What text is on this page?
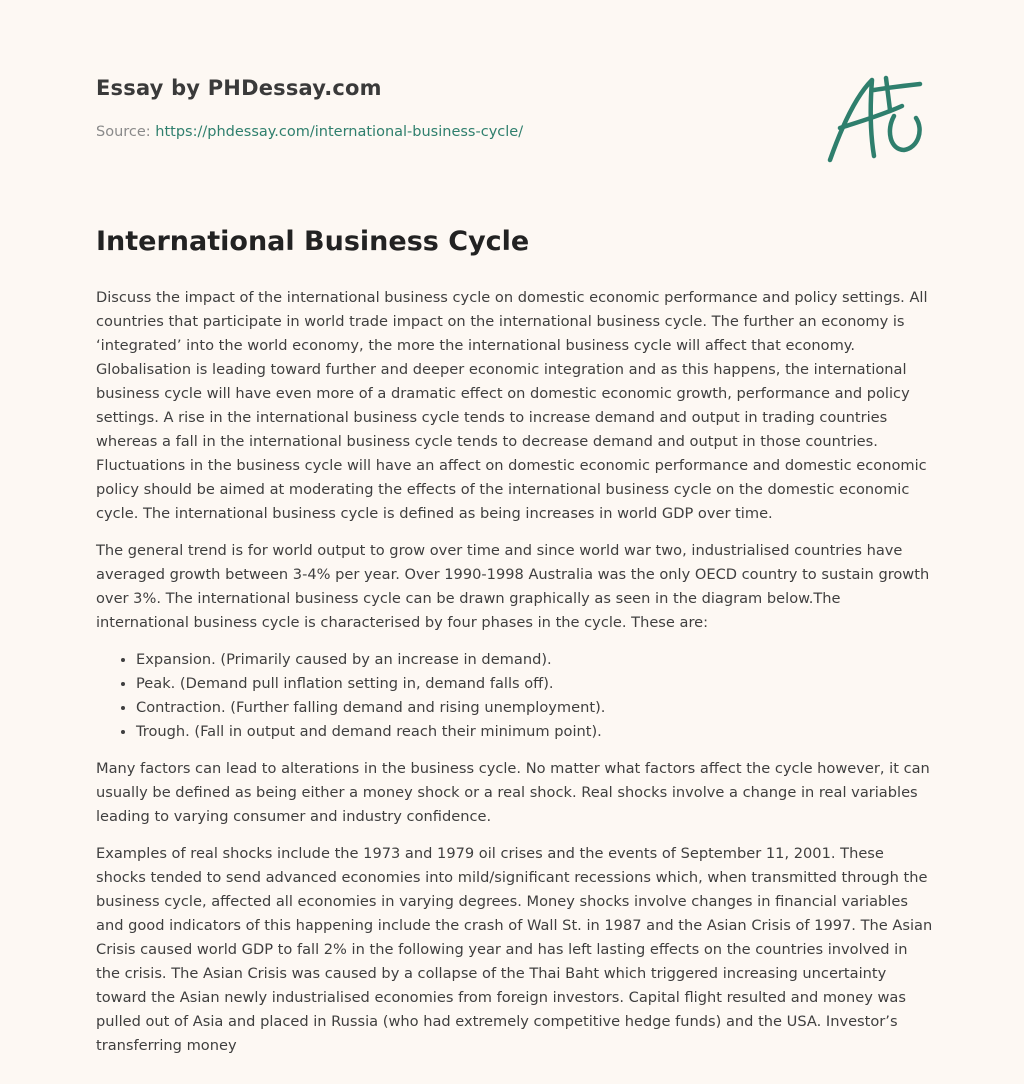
Essay by PHDessay.com
Source: https://phdessay.com/international-business-cycle/
International Business Cycle

Discuss the impact of the international business cycle on domestic economic performance and policy settings. All countries that participate in world trade impact on the international business cycle. The further an economy is ‘integrated’ into the world economy, the more the international business cycle will affect that economy. Globalisation is leading toward further and deeper economic integration and as this happens, the international business cycle will have even more of a dramatic effect on domestic economic growth, performance and policy settings. A rise in the international business cycle tends to increase demand and output in trading countries whereas a fall in the international business cycle tends to decrease demand and output in those countries. Fluctuations in the business cycle will have an affect on domestic economic performance and domestic economic policy should be aimed at moderating the effects of the international business cycle on the domestic economic cycle. The international business cycle is defined as being increases in world GDP over time.

The general trend is for world output to grow over time and since world war two, industrialised countries have averaged growth between 3-4% per year. Over 1990-1998 Australia was the only OECD country to sustain growth over 3%. The international business cycle can be drawn graphically as seen in the diagram below.The international business cycle is characterised by four phases in the cycle. These are:

• Expansion. (Primarily caused by an increase in demand).
• Peak. (Demand pull inflation setting in, demand falls off).
• Contraction. (Further falling demand and rising unemployment).
• Trough. (Fall in output and demand reach their minimum point).

Many factors can lead to alterations in the business cycle. No matter what factors affect the cycle however, it can usually be defined as being either a money shock or a real shock. Real shocks involve a change in real variables leading to varying consumer and industry confidence.

Examples of real shocks include the 1973 and 1979 oil crises and the events of September 11, 2001. These shocks tended to send advanced economies into mild/significant recessions which, when transmitted through the business cycle, affected all economies in varying degrees. Money shocks involve changes in financial variables and good indicators of this happening include the crash of Wall St. in 1987 and the Asian Crisis of 1997. The Asian Crisis caused world GDP to fall 2% in the following year and has left lasting effects on the countries involved in the crisis. The Asian Crisis was caused by a collapse of the Thai Baht which triggered increasing uncertainty toward the Asian newly industrialised economies from foreign investors. Capital flight resulted and money was pulled out of Asia and placed in Russia (who had extremely competitive hedge funds) and the USA. Investor’s transferring money
